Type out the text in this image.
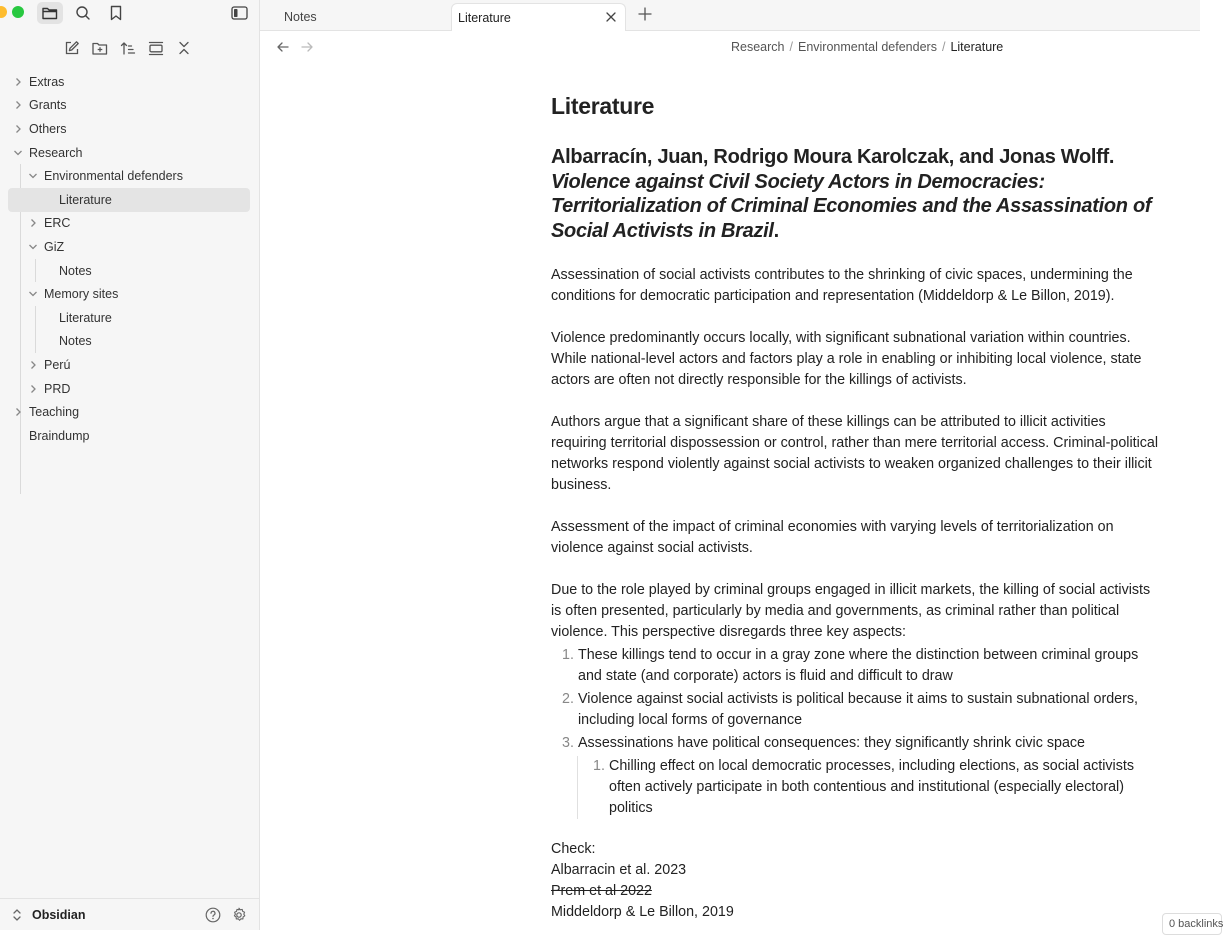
Extras
Grants
Others
Research
Environmental defenders
Literature
ERC
GiZ
Notes
Memory sites
Literature
Notes
Perú
PRD
Teaching
Braindump
Obsidian
Notes	Literature
Research / Environmental defenders / Literature
Literature
Albarracín, Juan, Rodrigo Moura Karolczak, and Jonas Wolff. Violence against Civil Society Actors in Democracies: Territorialization of Criminal Economies and the Assassination of Social Activists in Brazil.

Assessination of social activists contributes to the shrinking of civic spaces, undermining the conditions for democratic participation and representation (Middeldorp & Le Billon, 2019).

Violence predominantly occurs locally, with significant subnational variation within countries. While national-level actors and factors play a role in enabling or inhibiting local violence, state actors are often not directly responsible for the killings of activists.

Authors argue that a significant share of these killings can be attributed to illicit activities requiring territorial dispossession or control, rather than mere territorial access. Criminal-political networks respond violently against social activists to weaken organized challenges to their illicit business.

Assessment of the impact of criminal economies with varying levels of territorialization on violence against social activists.

Due to the role played by criminal groups engaged in illicit markets, the killing of social activists is often presented, particularly by media and governments, as criminal rather than political violence. This perspective disregards three key aspects:

1. These killings tend to occur in a gray zone where the distinction between criminal groups and state (and corporate) actors is fluid and difficult to draw
2. Violence against social activists is political because it aims to sustain subnational orders, including local forms of governance
3. Assessinations have political consequences: they significantly shrink civic space
1. Chilling effect on local democratic processes, including elections, as social activists often actively participate in both contentious and institutional (especially electoral) politics
Check:
Albarracin et al. 2023
Prem et al 2022
Middeldorp & Le Billon, 2019
0 backlinks
